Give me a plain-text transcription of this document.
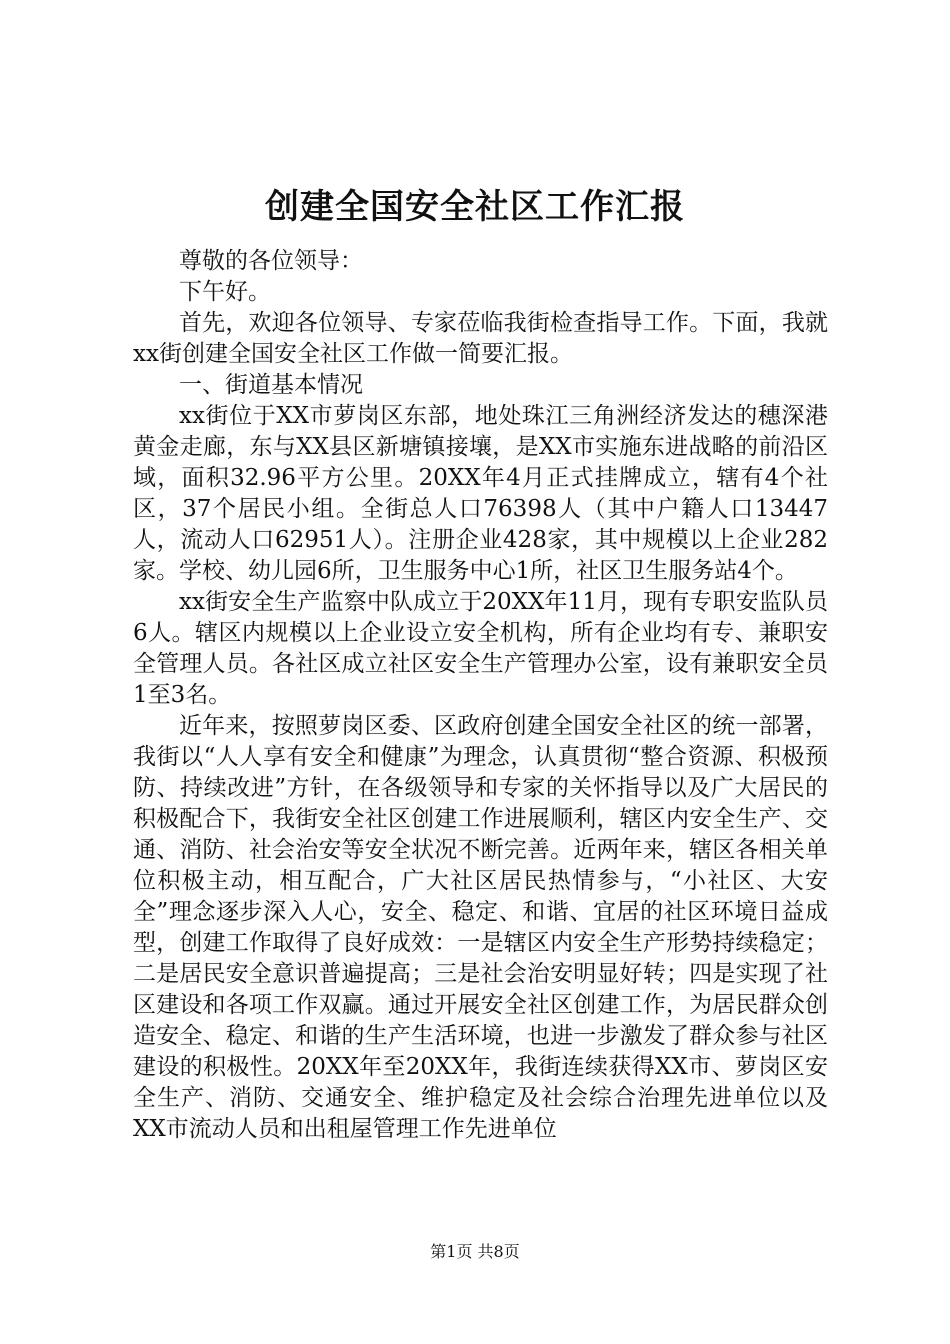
创建全国安全社区工作汇报

尊敬的各位领导：

下午好。

首先，欢迎各位领导、专家莅临我街检查指导工作。下面，我就xx街创建全国安全社区工作做一简要汇报。

一、街道基本情况

xx街位于XX市萝岗区东部，地处珠江三角洲经济发达的穗深港黄金走廊，东与XX县区新塘镇接壤，是XX市实施东进战略的前沿区域，面积32.96平方公里。20XX年4月正式挂牌成立，辖有4个社区，37个居民小组。全街总人口76398人（其中户籍人口13447人，流动人口62951人）。注册企业428家，其中规模以上企业282家。学校、幼儿园6所，卫生服务中心1所，社区卫生服务站4个。

xx街安全生产监察中队成立于20XX年11月，现有专职安监队员6人。辖区内规模以上企业设立安全机构，所有企业均有专、兼职安全管理人员。各社区成立社区安全生产管理办公室，设有兼职安全员1至3名。

近年来，按照萝岗区委、区政府创建全国安全社区的统一部署，我街以“人人享有安全和健康”为理念，认真贯彻“整合资源、积极预防、持续改进”方针，在各级领导和专家的关怀指导以及广大居民的积极配合下，我街安全社区创建工作进展顺利，辖区内安全生产、交通、消防、社会治安等安全状况不断完善。近两年来，辖区各相关单位积极主动，相互配合，广大社区居民热情参与，“小社区、大安全”理念逐步深入人心，安全、稳定、和谐、宜居的社区环境日益成型，创建工作取得了良好成效：一是辖区内安全生产形势持续稳定；二是居民安全意识普遍提高；三是社会治安明显好转；四是实现了社区建设和各项工作双赢。通过开展安全社区创建工作，为居民群众创造安全、稳定、和谐的生产生活环境，也进一步激发了群众参与社区建设的积极性。20XX年至20XX年，我街连续获得XX市、萝岗区安全生产、消防、交通安全、维护稳定及社会综合治理先进单位以及XX市流动人员和出租屋管理工作先进单位

第1页 共8页
